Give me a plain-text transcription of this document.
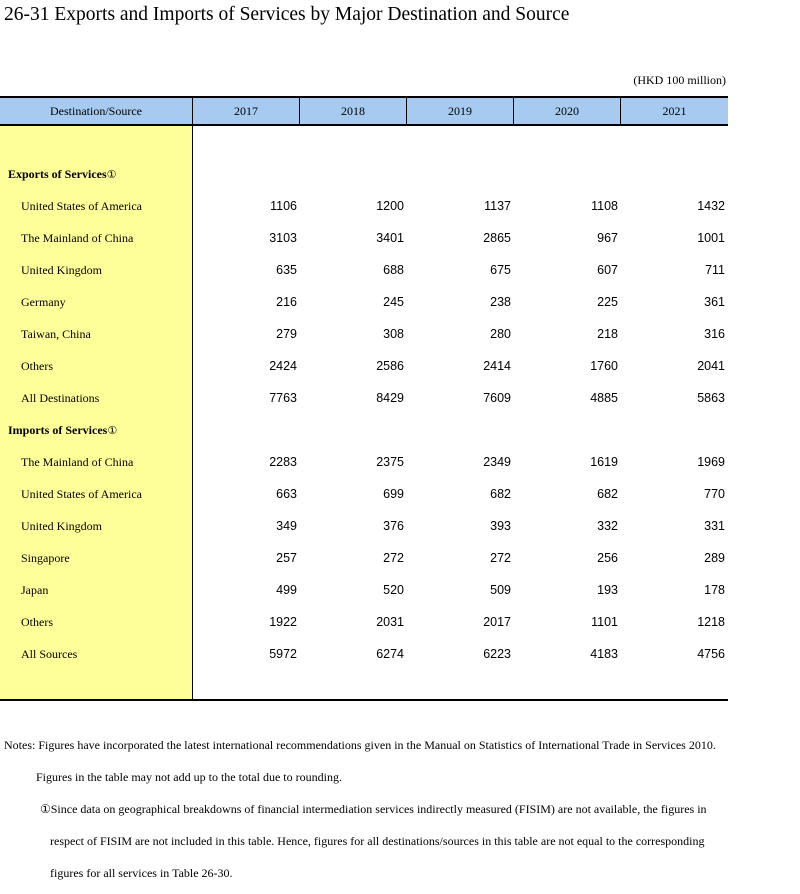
26-31 Exports and Imports of Services by Major Destination and Source
(HKD 100 million)
Destination/Source	2017	2018	2019	2020	2021
Exports of Services①
United States of America	1106	1200	1137	1108	1432
The Mainland of China	3103	3401	2865	967	1001
United Kingdom	635	688	675	607	711
Germany	216	245	238	225	361
Taiwan, China	279	308	280	218	316
Others	2424	2586	2414	1760	2041
All Destinations	7763	8429	7609	4885	5863
Imports of Services①
The Mainland of China	2283	2375	2349	1619	1969
United States of America	663	699	682	682	770
United Kingdom	349	376	393	332	331
Singapore	257	272	272	256	289
Japan	499	520	509	193	178
Others	1922	2031	2017	1101	1218
All Sources	5972	6274	6223	4183	4756
Notes: Figures have incorporated the latest international recommendations given in the Manual on Statistics of International Trade in Services 2010.
Figures in the table may not add up to the total due to rounding.
①Since data on geographical breakdowns of financial intermediation services indirectly measured (FISIM) are not available, the figures in
respect of FISIM are not included in this table. Hence, figures for all destinations/sources in this table are not equal to the corresponding
figures for all services in Table 26-30.
